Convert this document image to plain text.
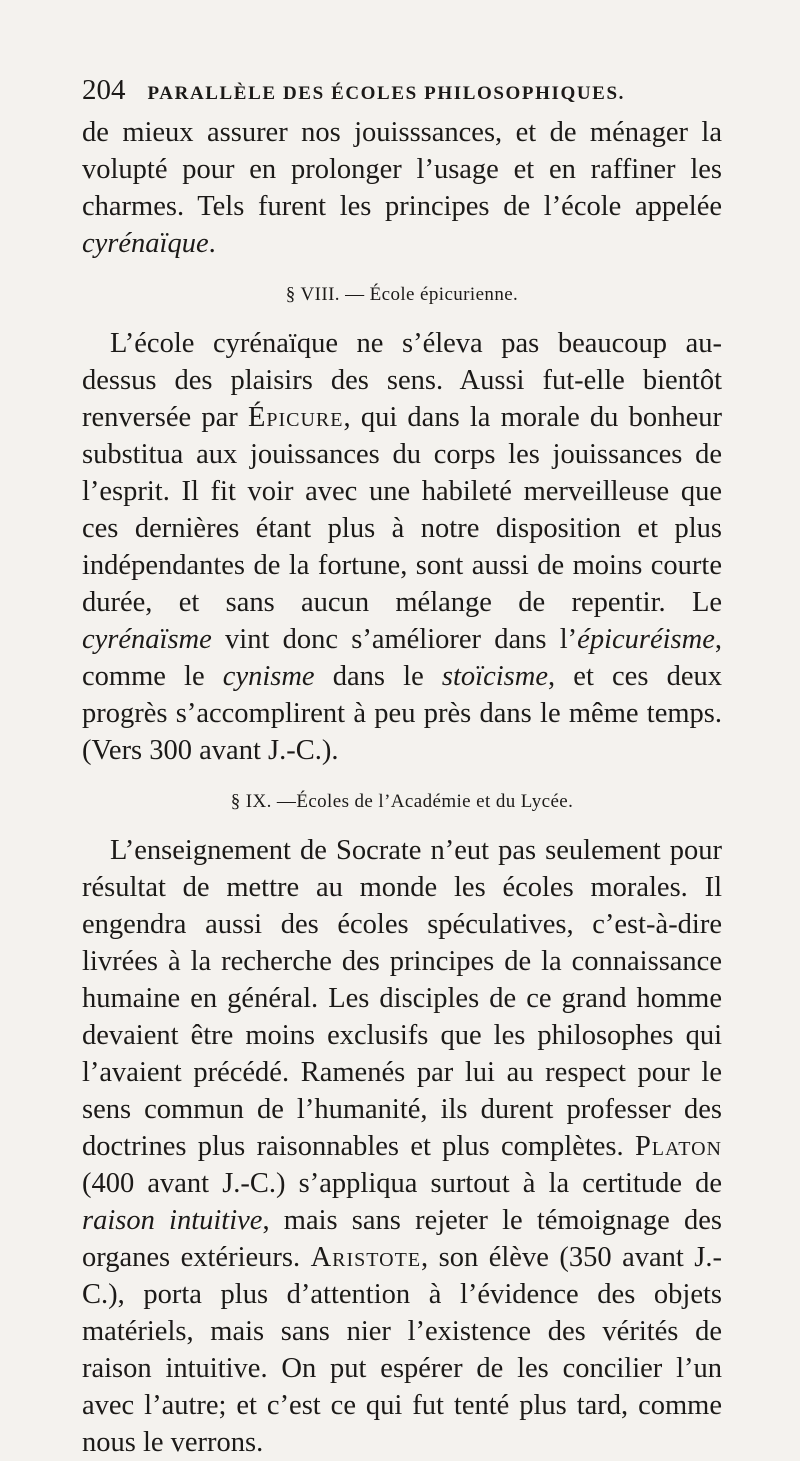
204 PARALLÈLE DES ÉCOLES PHILOSOPHIQUES.

de mieux assurer nos jouisssances, et de ménager la volupté pour en prolonger l’usage et en raffiner les charmes. Tels furent les principes de l’école appelée cyrénaïque.

§ VIII. — École épicurienne.

L’école cyrénaïque ne s’éleva pas beaucoup au-dessus des plaisirs des sens. Aussi fut-elle bientôt renversée par Épicure, qui dans la morale du bonheur substitua aux jouissances du corps les jouissances de l’esprit. Il fit voir avec une habileté merveilleuse que ces dernières étant plus à notre disposition et plus indépendantes de la fortune, sont aussi de moins courte durée, et sans aucun mélange de repentir. Le cyrénaïsme vint donc s’améliorer dans l’épicuréisme, comme le cynisme dans le stoïcisme, et ces deux progrès s’accomplirent à peu près dans le même temps. (Vers 300 avant J.-C.).

§ IX. —Écoles de l’Académie et du Lycée.

L’enseignement de Socrate n’eut pas seulement pour résultat de mettre au monde les écoles morales. Il engendra aussi des écoles spéculatives, c’est-à-dire livrées à la recherche des principes de la connaissance humaine en général. Les disciples de ce grand homme devaient être moins exclusifs que les philosophes qui l’avaient précédé. Ramenés par lui au respect pour le sens commun de l’humanité, ils durent professer des doctrines plus raisonnables et plus complètes. Platon (400 avant J.-C.) s’appliqua surtout à la certitude de raison intuitive, mais sans rejeter le témoignage des organes extérieurs. Aristote, son élève (350 avant J.-C.), porta plus d’attention à l’évidence des objets matériels, mais sans nier l’existence des vérités de raison intuitive. On put espérer de les concilier l’un avec l’autre; et c’est ce qui fut tenté plus tard, comme nous le verrons.
